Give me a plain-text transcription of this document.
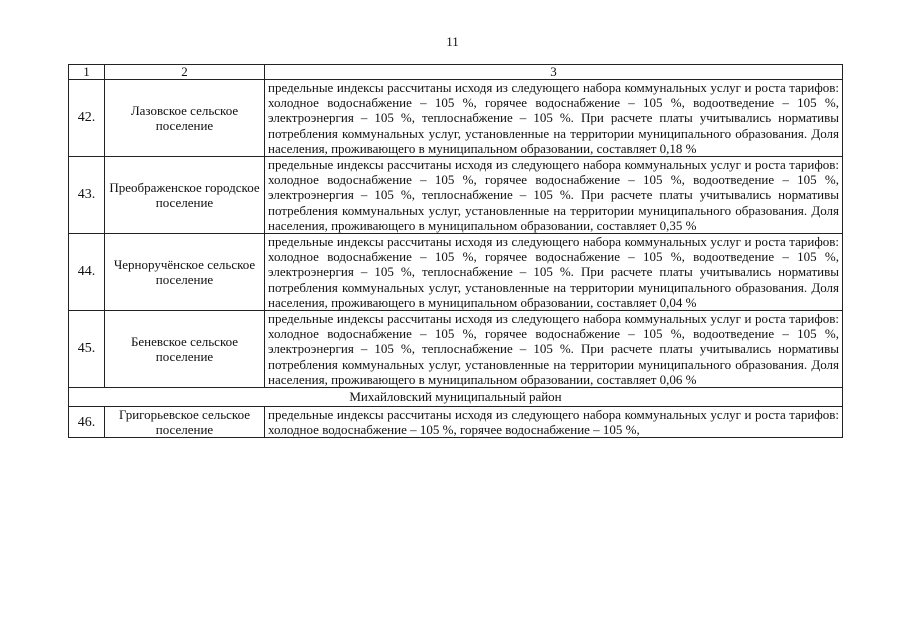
11
1	2	3
42.	Лазовское сельское поселение	предельные индексы рассчитаны исходя из следующего набора коммунальных услуг и роста тарифов: холодное водоснабжение – 105 %, горячее водоснабжение – 105 %, водоотведение – 105 %, электроэнергия – 105 %, теплоснабжение – 105 %. При расчете платы учитывались нормативы потребления коммунальных услуг, установленные на территории муниципального образования. Доля населения, проживающего в муниципальном образовании, составляет 0,18 %
43.	Преображенское городское поселение	предельные индексы рассчитаны исходя из следующего набора коммунальных услуг и роста тарифов: холодное водоснабжение – 105 %, горячее водоснабжение – 105 %, водоотведение – 105 %, электроэнергия – 105 %, теплоснабжение – 105 %. При расчете платы учитывались нормативы потребления коммунальных услуг, установленные на территории муниципального образования. Доля населения, проживающего в муниципальном образовании, составляет 0,35 %
44.	Черноручёнское сельское поселение	предельные индексы рассчитаны исходя из следующего набора коммунальных услуг и роста тарифов: холодное водоснабжение – 105 %, горячее водоснабжение – 105 %, водоотведение – 105 %, электроэнергия – 105 %, теплоснабжение – 105 %. При расчете платы учитывались нормативы потребления коммунальных услуг, установленные на территории муниципального образования. Доля населения, проживающего в муниципальном образовании, составляет 0,04 %
45.	Беневское сельское поселение	предельные индексы рассчитаны исходя из следующего набора коммунальных услуг и роста тарифов: холодное водоснабжение – 105 %, горячее водоснабжение – 105 %, водоотведение – 105 %, электроэнергия – 105 %, теплоснабжение – 105 %. При расчете платы учитывались нормативы потребления коммунальных услуг, установленные на территории муниципального образования. Доля населения, проживающего в муниципальном образовании, составляет 0,06 %
Михайловский муниципальный район		
46.	Григорьевское сельское поселение	предельные индексы рассчитаны исходя из следующего набора коммунальных услуг и роста тарифов: холодное водоснабжение – 105 %, горячее водоснабжение – 105 %,
